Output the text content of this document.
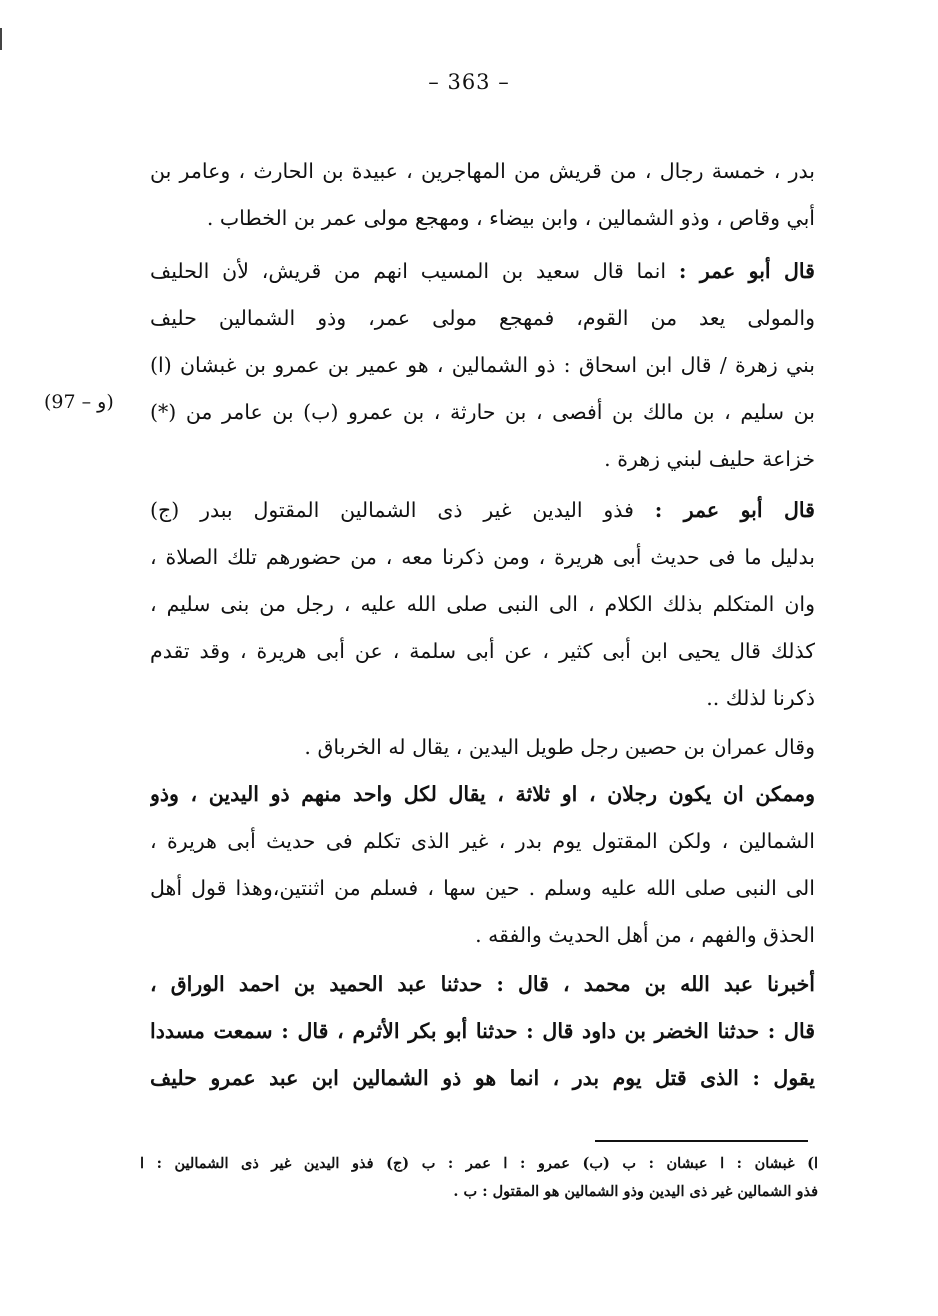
– 363 –
(97 – و)
بدر ، خمسة رجال ، من قريش من المهاجرين ، عبيدة بن الحارث ، وعامر بن
أبي وقاص ، وذو الشمالين ، وابن بيضاء ، ومهجع مولى عمر بن الخطاب .
قال أبو عمر : انما قال سعيد بن المسيب انهم من قريش، لأن الحليف
والمولى يعد من القوم، فمهجع مولى عمر، وذو الشمالين حليف
بني زهرة / قال ابن اسحاق : ذو الشمالين ، هو عمير بن عمرو بن غبشان (ا)
بن سليم ، بن مالك بن أفصى ، بن حارثة ، بن عمرو (ب) بن عامر من (*)
خزاعة حليف لبني زهرة .
قال أبو عمر : فذو اليدين غير ذى الشمالين المقتول ببدر (ج)
بدليل ما فى حديث أبى هريرة ، ومن ذكرنا معه ، من حضورهم تلك الصلاة ،
وان المتكلم بذلك الكلام ، الى النبى صلى الله عليه ، رجل من بنى سليم ،
كذلك قال يحيى ابن أبى كثير ، عن أبى سلمة ، عن أبى هريرة ، وقد تقدم
ذكرنا لذلك ..
وقال عمران بن حصين رجل طويل اليدين ، يقال له الخرباق .
وممكن ان يكون رجلان ، او ثلاثة ، يقال لكل واحد منهم ذو اليدين ، وذو
الشمالين ، ولكن المقتول يوم بدر ، غير الذى تكلم فى حديث أبى هريرة ،
الى النبى صلى الله عليه وسلم . حين سها ، فسلم من اثنتين،وهذا قول أهل
الحذق والفهم ، من أهل الحديث والفقه .
أخبرنا عبد الله بن محمد ، قال : حدثنا عبد الحميد بن احمد الوراق ،
قال : حدثنا الخضر بن داود قال : حدثنا أبو بكر الأثرم ، قال : سمعت مسددا
يقول : الذى قتل يوم بدر ، انما هو ذو الشمالين ابن عبد عمرو حليف
ا) غبشان : ا عبشان : ب (ب) عمرو : ا عمر : ب (ج) فذو اليدين غير ذى الشمالين : ا
فذو الشمالين غير ذى اليدين وذو الشمالين هو المقتول : ب .
